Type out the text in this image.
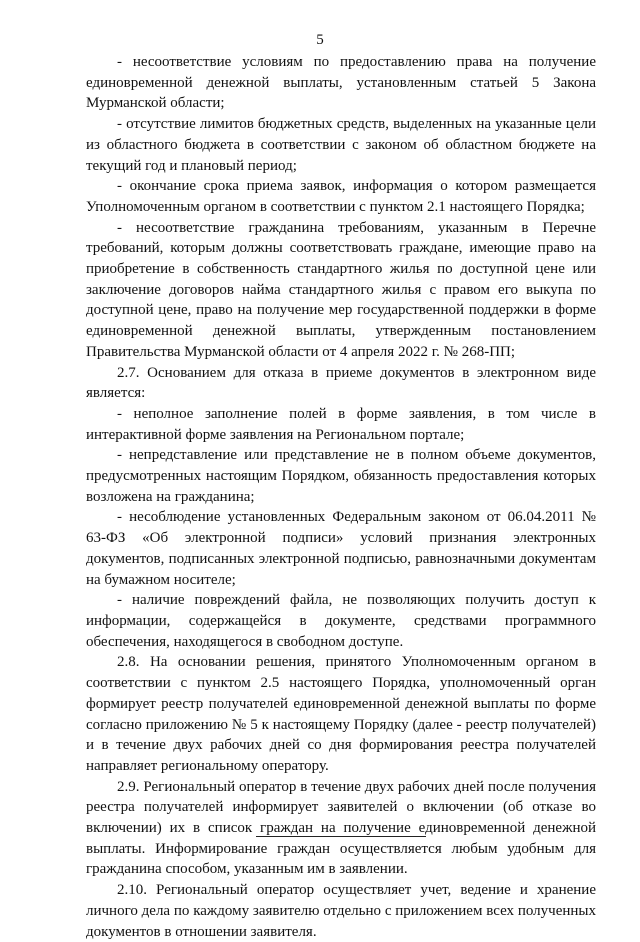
5

- несоответствие условиям по предоставлению права на получение единовременной денежной выплаты, установленным статьей 5 Закона Мурманской области;

- отсутствие лимитов бюджетных средств, выделенных на указанные цели из областного бюджета в соответствии с законом об областном бюджете на текущий год и плановый период;

- окончание срока приема заявок, информация о котором размещается Уполномоченным органом в соответствии с пунктом 2.1 настоящего Порядка;

- несоответствие гражданина требованиям, указанным в Перечне требований, которым должны соответствовать граждане, имеющие право на приобретение в собственность стандартного жилья по доступной цене или заключение договоров найма стандартного жилья с правом его выкупа по доступной цене, право на получение мер государственной поддержки в форме единовременной денежной выплаты, утвержденным постановлением Правительства Мурманской области от 4 апреля 2022 г. № 268-ПП;

2.7. Основанием для отказа в приеме документов в электронном виде является:

- неполное заполнение полей в форме заявления, в том числе в интерактивной форме заявления на Региональном портале;

- непредставление или представление не в полном объеме документов, предусмотренных настоящим Порядком, обязанность предоставления которых возложена на гражданина;

- несоблюдение установленных Федеральным законом от 06.04.2011 № 63-ФЗ «Об электронной подписи» условий признания электронных документов, подписанных электронной подписью, равнозначными документам на бумажном носителе;

- наличие повреждений файла, не позволяющих получить доступ к информации, содержащейся в документе, средствами программного обеспечения, находящегося в свободном доступе.

2.8. На основании решения, принятого Уполномоченным органом в соответствии с пунктом 2.5 настоящего Порядка, уполномоченный орган формирует реестр получателей единовременной денежной выплаты по форме согласно приложению № 5 к настоящему Порядку (далее - реестр получателей) и в течение двух рабочих дней со дня формирования реестра получателей направляет региональному оператору.

2.9. Региональный оператор в течение двух рабочих дней после получения реестра получателей информирует заявителей о включении (об отказе во включении) их в список граждан на получение единовременной денежной выплаты. Информирование граждан осуществляется любым удобным для гражданина способом, указанным им в заявлении.

2.10. Региональный оператор осуществляет учет, ведение и хранение личного дела по каждому заявителю отдельно с приложением всех полученных документов в отношении заявителя.
